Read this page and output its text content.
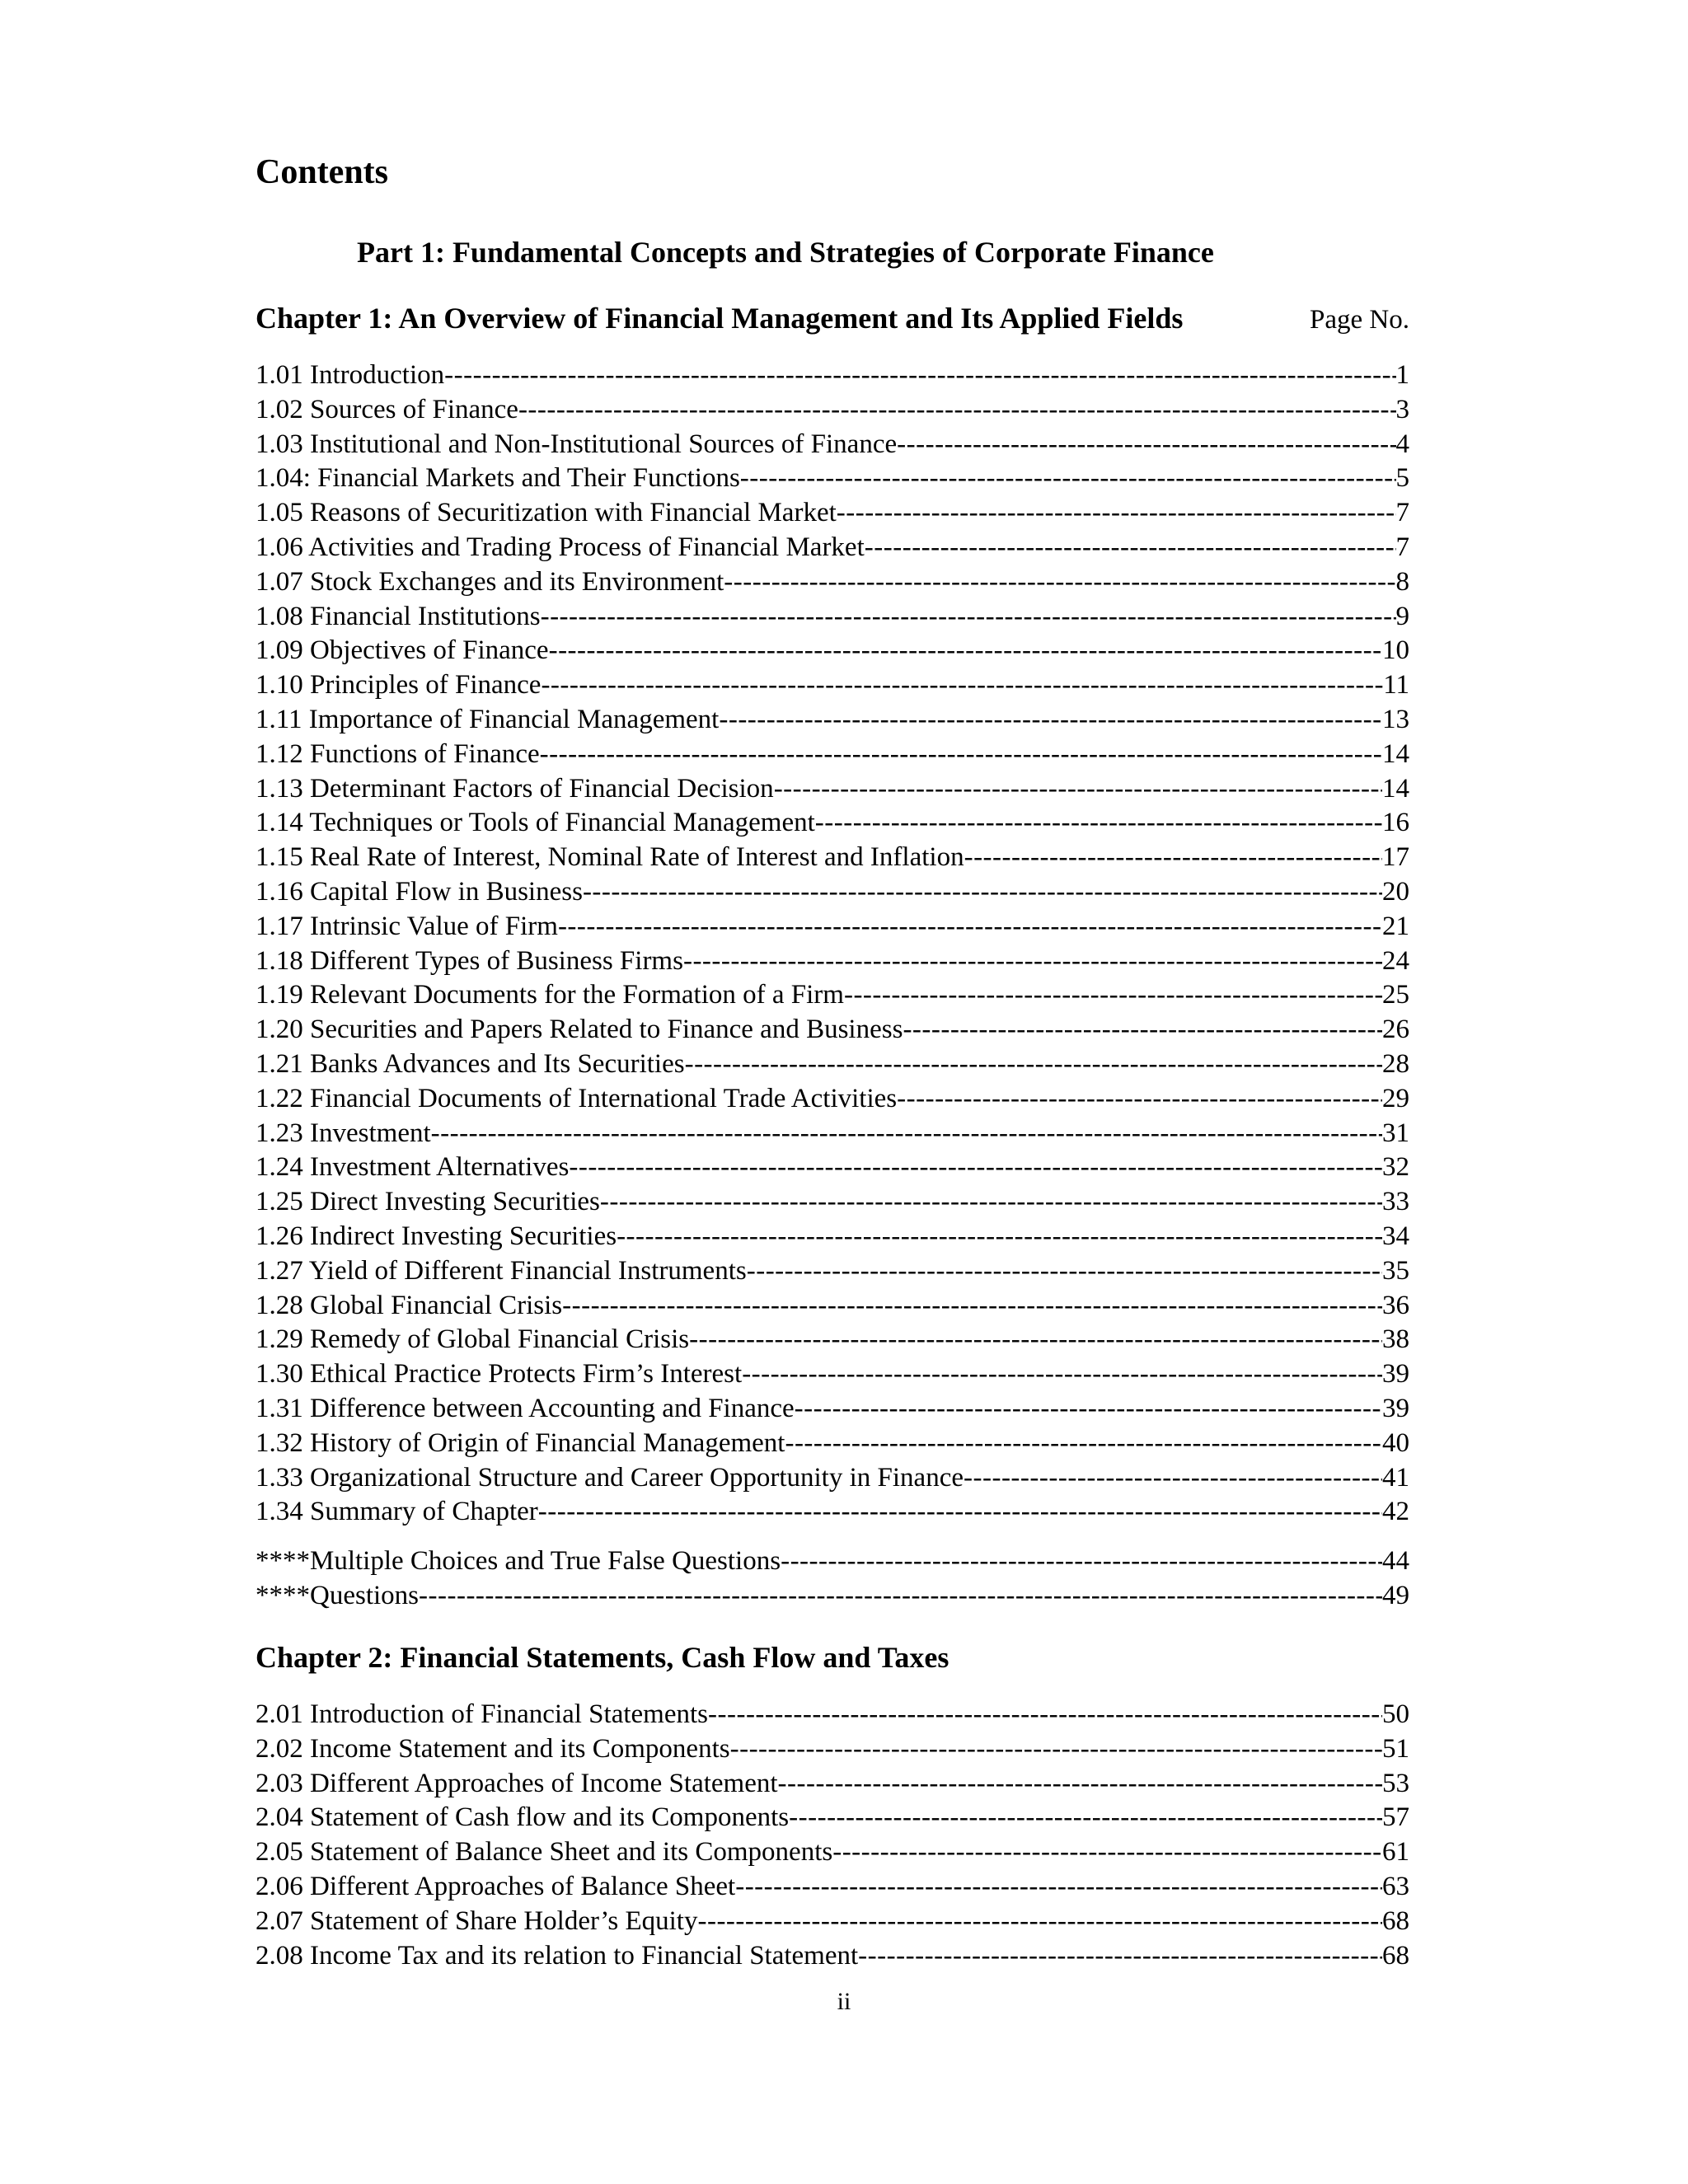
Contents
Part 1: Fundamental Concepts and Strategies of Corporate Finance
Chapter 1: An Overview of Financial Management and Its Applied Fields	Page No.
1.01 Introduction -----	1
1.02 Sources of Finance -----	3
1.03 Institutional and Non-Institutional Sources of Finance -----	4
1.04: Financial Markets and Their Functions -----	5
1.05 Reasons of Securitization with Financial Market -----	7
1.06 Activities and Trading Process of Financial Market -----	7
1.07 Stock Exchanges and its Environment -----	8
1.08 Financial Institutions -----	9
1.09 Objectives of Finance -----	10
1.10 Principles of Finance -----	11
1.11 Importance of Financial Management -----	13
1.12 Functions of Finance -----	14
1.13 Determinant Factors of Financial Decision -----	14
1.14 Techniques or Tools of Financial Management -----	16
1.15 Real Rate of Interest, Nominal Rate of Interest and Inflation -----	17
1.16 Capital Flow in Business -----	20
1.17 Intrinsic Value of Firm -----	21
1.18 Different Types of Business Firms -----	24
1.19 Relevant Documents for the Formation of a Firm -----	25
1.20 Securities and Papers Related to Finance and Business -----	26
1.21 Banks Advances and Its Securities -----	28
1.22 Financial Documents of International Trade Activities -----	29
1.23 Investment -----	31
1.24 Investment Alternatives -----	32
1.25 Direct Investing Securities -----	33
1.26 Indirect Investing Securities -----	34
1.27 Yield of Different Financial Instruments -----	35
1.28 Global Financial Crisis -----	36
1.29 Remedy of Global Financial Crisis -----	38
1.30 Ethical Practice Protects Firm’s Interest -----	39
1.31 Difference between Accounting and Finance -----	39
1.32 History of Origin of Financial Management -----	40
1.33 Organizational Structure and Career Opportunity in Finance -----	41
1.34 Summary of Chapter -----	42
****Multiple Choices and True False Questions -----	44
****Questions -----	49
Chapter 2: Financial Statements, Cash Flow and Taxes
2.01 Introduction of Financial Statements -----	50
2.02 Income Statement and its Components -----	51
2.03 Different Approaches of Income Statement -----	53
2.04 Statement of Cash flow and its Components -----	57
2.05 Statement of Balance Sheet and its Components -----	61
2.06 Different Approaches of Balance Sheet -----	63
2.07 Statement of Share Holder’s Equity -----	68
2.08 Income Tax and its relation to Financial Statement -----	68
ii
